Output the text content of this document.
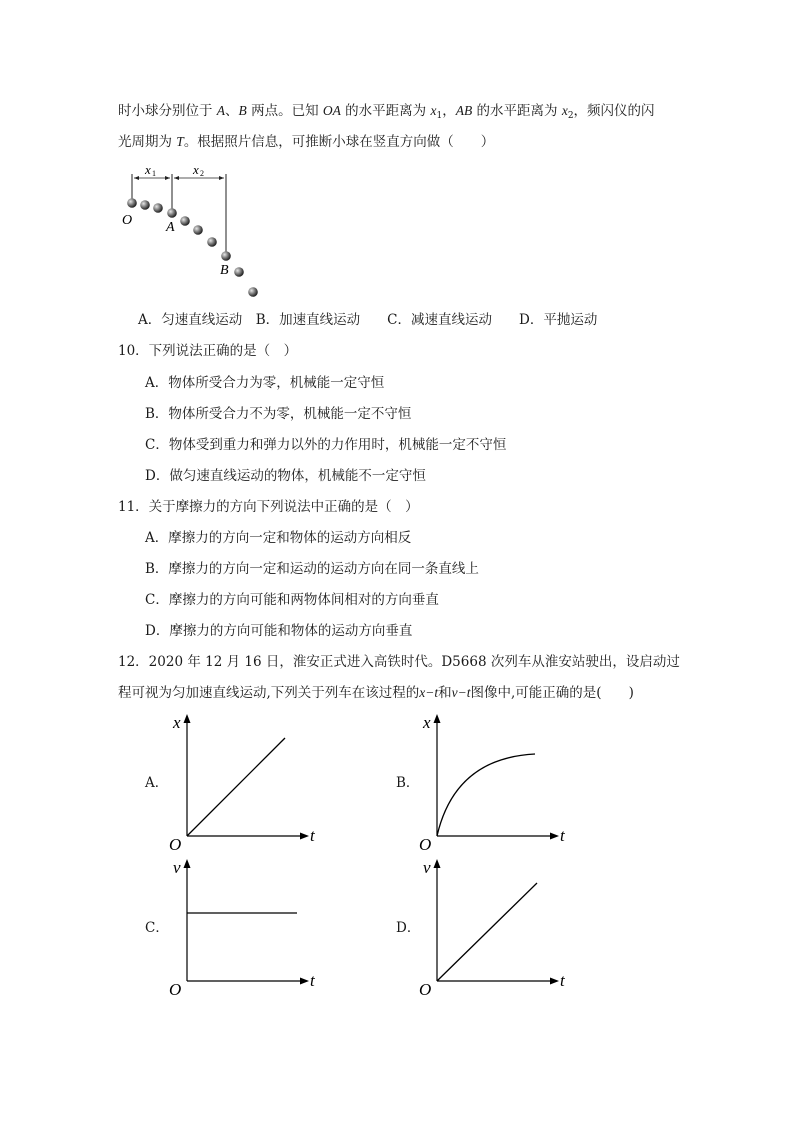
时小球分别位于 A、B 两点。已知 OA 的水平距离为 $x_1$，AB 的水平距离为 $x_2$，频闪仪的闪
光周期为 T。根据照片信息，可推断小球在竖直方向做（　　）
x 1	x 2
O A
B
A．匀速直线运动　B．加速直线运动　　C．减速直线运动　　D．平抛运动
10．下列说法正确的是（　）
A．物体所受合力为零，机械能一定守恒
B．物体所受合力不为零，机械能一定不守恒
C．物体受到重力和弹力以外的力作用时，机械能一定不守恒
D．做匀速直线运动的物体，机械能不一定守恒
11．关于摩擦力的方向下列说法中正确的是（　）
A．摩擦力的方向一定和物体的运动方向相反
B．摩擦力的方向一定和运动的运动方向在同一条直线上
C．摩擦力的方向可能和两物体间相对的方向垂直
D．摩擦力的方向可能和物体的运动方向垂直
12．2020 年 12 月 16 日，淮安正式进入高铁时代。D5668 次列车从淮安站驶出，设启动过
程可视为匀加速直线运动,下列关于列车在该过程的x−t和v−t图像中,可能正确的是(　　)
A．
x
t
O
B．
x
t
O
C．
v
t
O
D．
v
t
O
